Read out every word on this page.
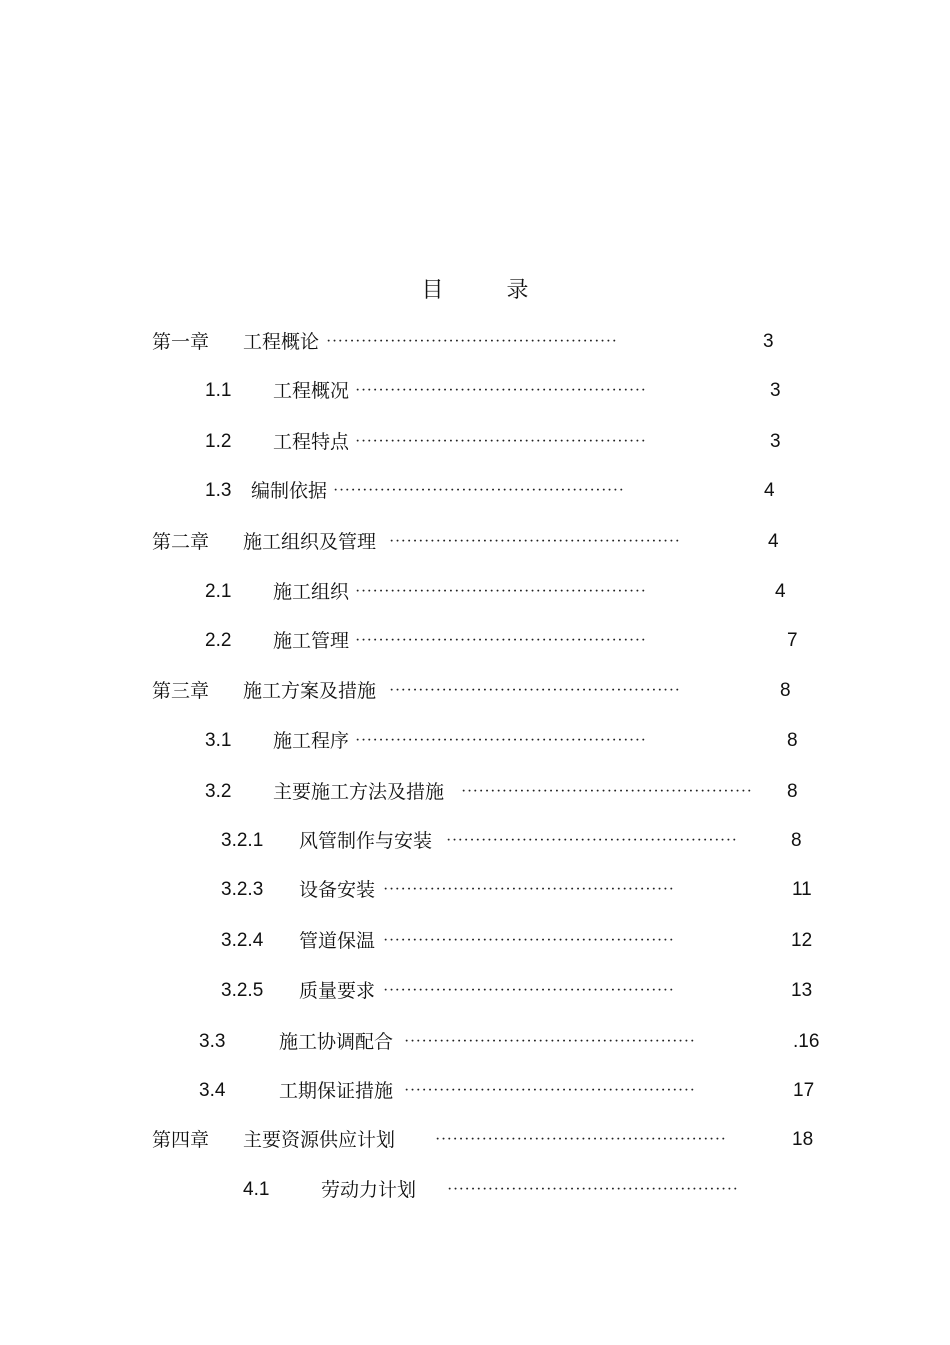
目 录
第一章 工程概论 ··················································	3
1.1 工程概况 ··················································	3
1.2 工程特点 ··················································	3
1.3 编制依据 ··················································	4
第二章 施工组织及管理 ··················································	4
2.1 施工组织 ··················································	4
2.2 施工管理 ··················································	7
第三章 施工方案及措施 ··················································	8
3.1 施工程序 ··················································	8
3.2 主要施工方法及措施 ·················································· 8
3.2.1 风管制作与安装 ··················································	8
3.2.3 设备安装 ··················································	11
3.2.4 管道保温 ··················································	12
3.2.5 质量要求 ··················································	13
3.3	施工协调配合 ··················································	.16
3.4	工期保证措施 ··················································	17
第四章 主要资源供应计划 ··················································	18
4.1	劳动力计划 ··················································
